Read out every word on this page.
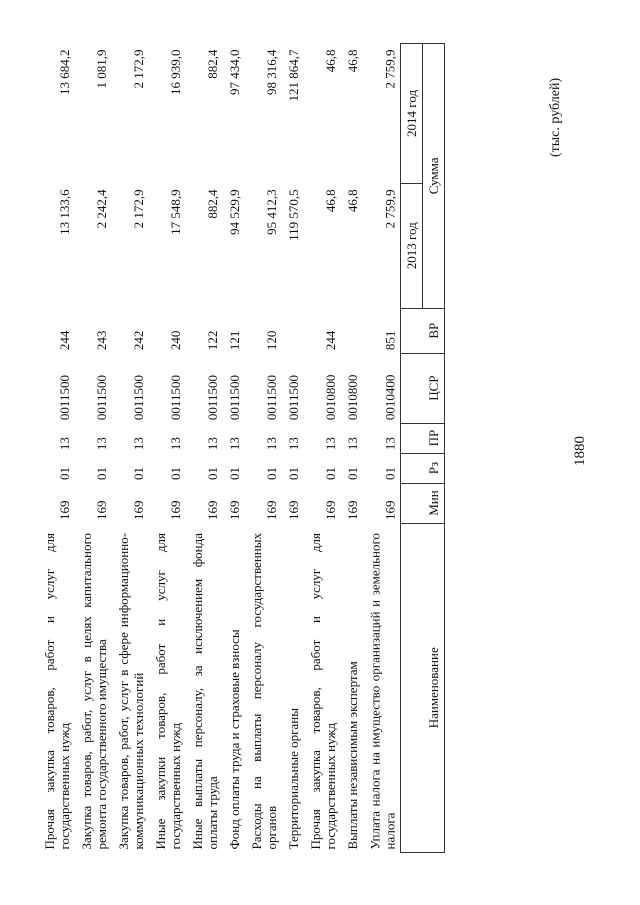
1880
(тыс. рублей)
Наименование	Мин	Рз	ПР	ЦСР	ВР	Сумма	
						2013 год	2014 год
Уплата налога на имущество организаций и земельного налога	169	01	13	0010400	851	2 759,9	2 759,9
Выплаты независимым экспертам	169	01	13	0010800		46,8	46,8
Прочая закупка товаров, работ и услуг для государственных нужд	169	01	13	0010800	244	46,8	46,8
Территориальные органы	169	01	13	0011500		119 570,5	121 864,7
Расходы на выплаты персоналу государственных органов	169	01	13	0011500	120	95 412,3	98 316,4
Фонд оплаты труда и страховые взносы	169	01	13	0011500	121	94 529,9	97 434,0
Иные выплаты персоналу, за исключением фонда оплаты труда	169	01	13	0011500	122	882,4	882,4
Иные закупки товаров, работ и услуг для государственных нужд	169	01	13	0011500	240	17 548,9	16 939,0
Закупка товаров, работ, услуг в сфере информационно-коммуникационных технологий	169	01	13	0011500	242	2 172,9	2 172,9
Закупка товаров, работ, услуг в целях капитального ремонта государственного имущества	169	01	13	0011500	243	2 242,4	1 081,9
Прочая закупка товаров, работ и услуг для государственных нужд	169	01	13	0011500	244	13 133,6	13 684,2
